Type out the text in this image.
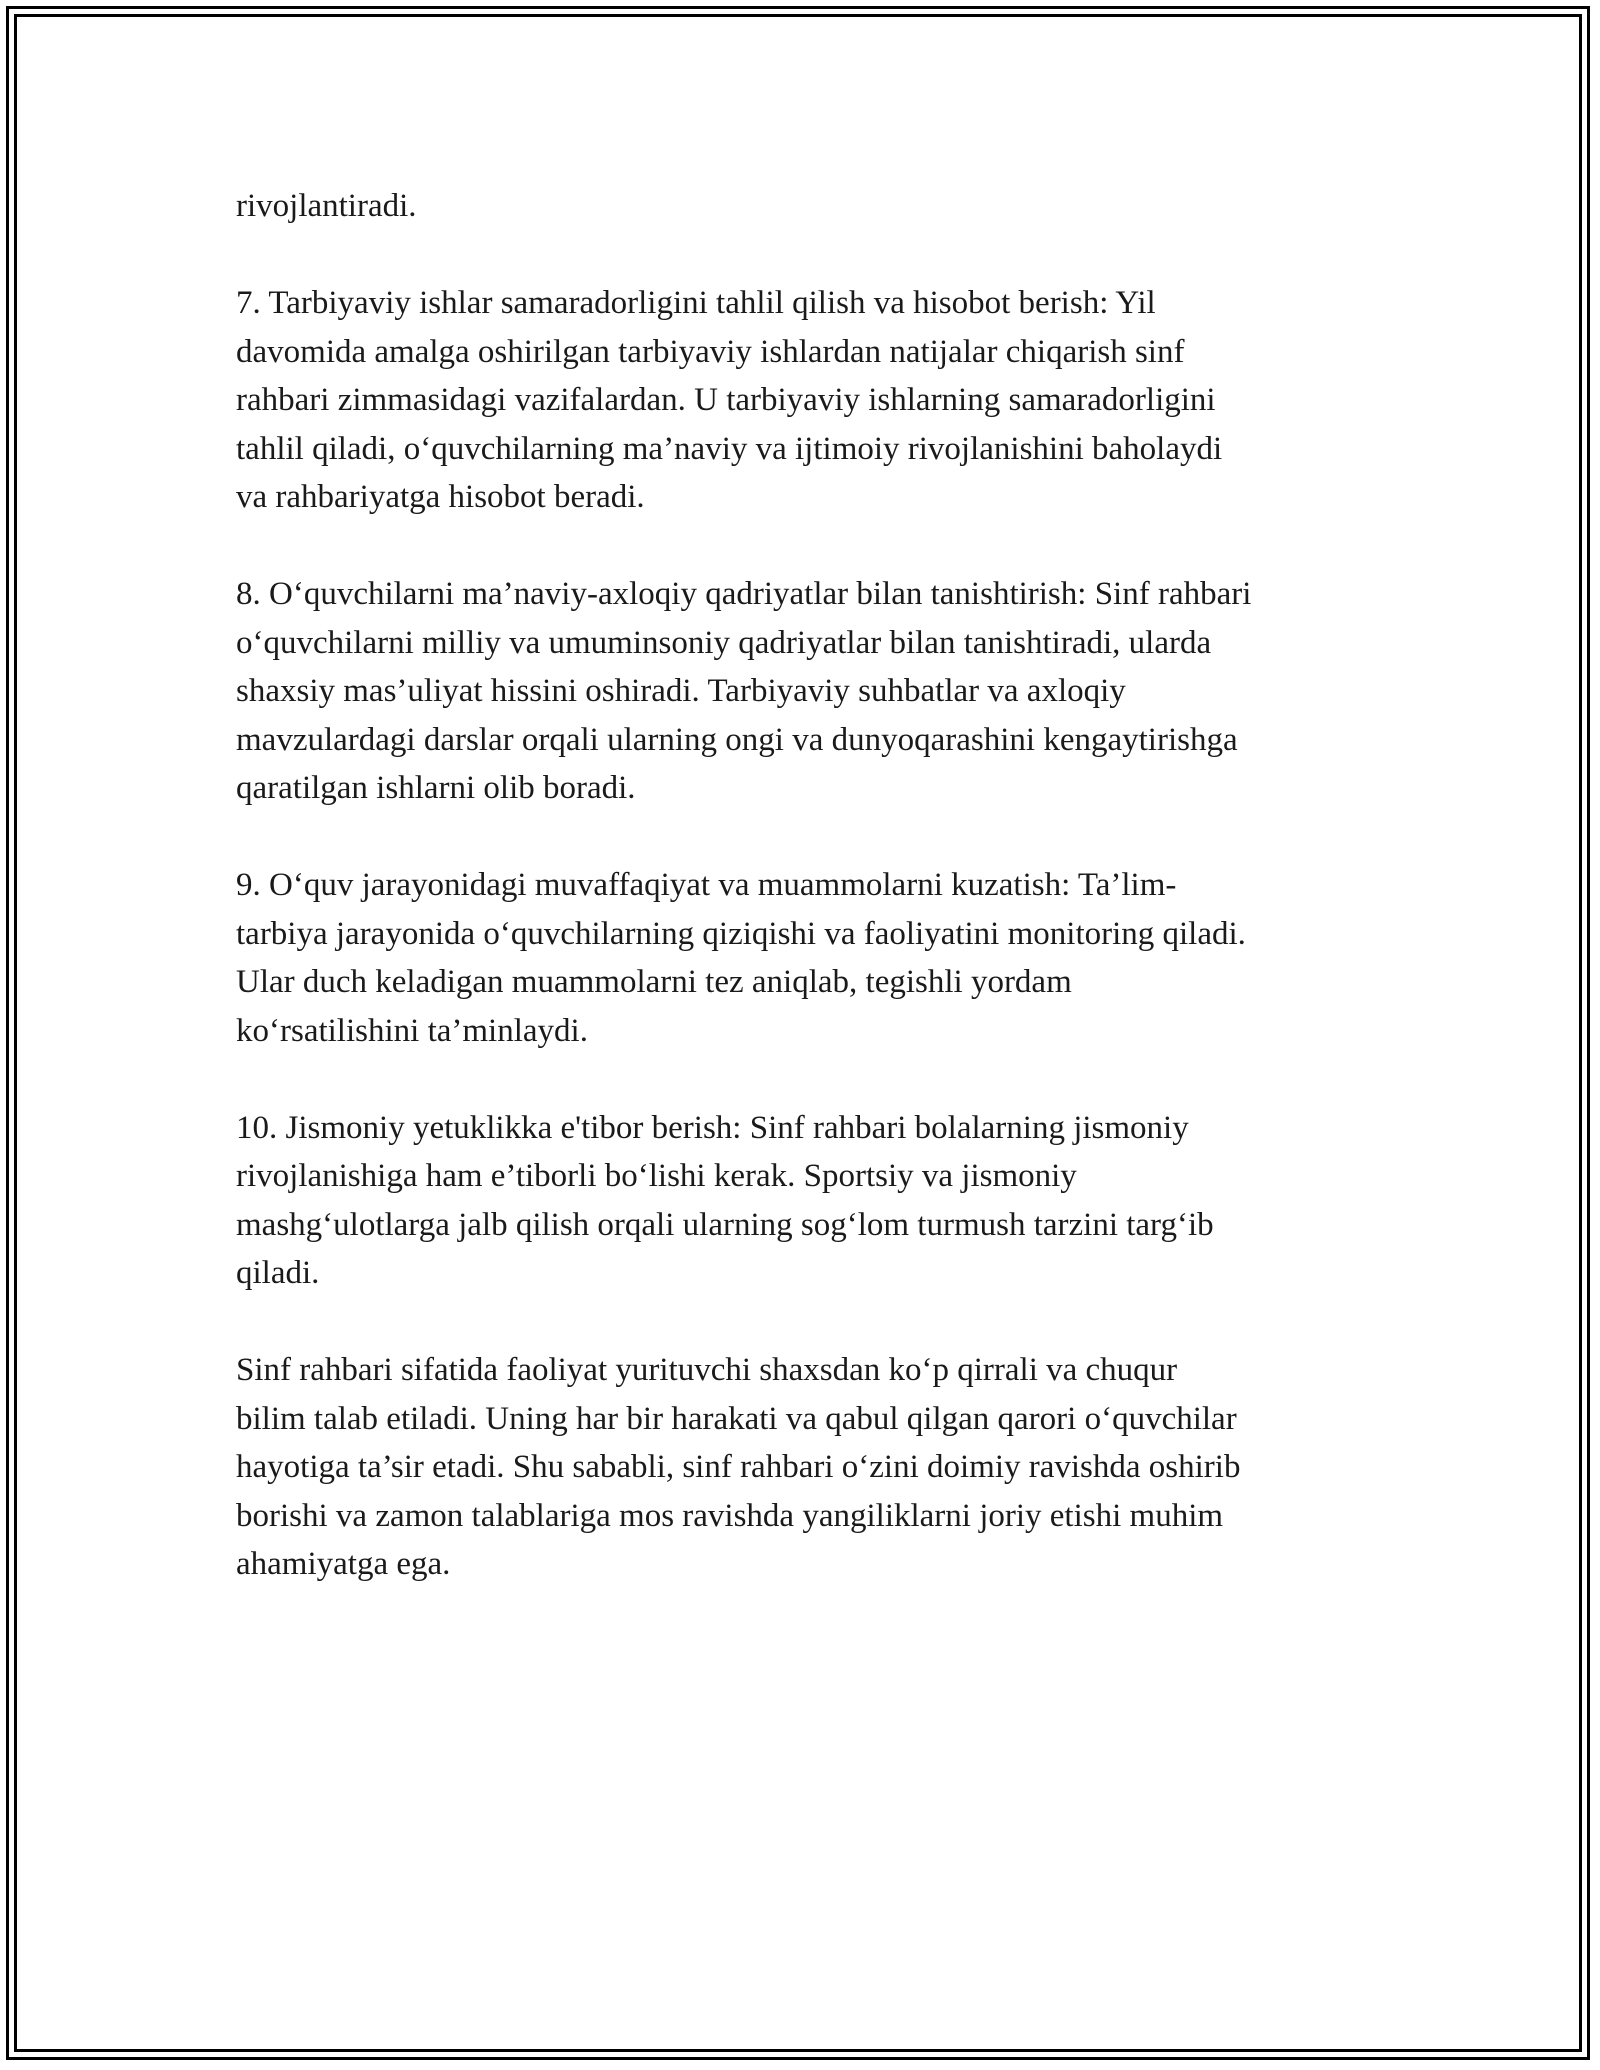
rivojlantiradi.

7. Tarbiyaviy ishlar samaradorligini tahlil qilish va hisobot berish: Yil
davomida amalga oshirilgan tarbiyaviy ishlardan natijalar chiqarish sinf
rahbari zimmasidagi vazifalardan. U tarbiyaviy ishlarning samaradorligini
tahlil qiladi, o‘quvchilarning ma’naviy va ijtimoiy rivojlanishini baholaydi
va rahbariyatga hisobot beradi.

8. O‘quvchilarni ma’naviy-axloqiy qadriyatlar bilan tanishtirish: Sinf rahbari
o‘quvchilarni milliy va umuminsoniy qadriyatlar bilan tanishtiradi, ularda
shaxsiy mas’uliyat hissini oshiradi. Tarbiyaviy suhbatlar va axloqiy
mavzulardagi darslar orqali ularning ongi va dunyoqarashini kengaytirishga
qaratilgan ishlarni olib boradi.

9. O‘quv jarayonidagi muvaffaqiyat va muammolarni kuzatish: Ta’lim-
tarbiya jarayonida o‘quvchilarning qiziqishi va faoliyatini monitoring qiladi.
Ular duch keladigan muammolarni tez aniqlab, tegishli yordam
ko‘rsatilishini ta’minlaydi.

10. Jismoniy yetuklikka e'tibor berish: Sinf rahbari bolalarning jismoniy
rivojlanishiga ham e’tiborli bo‘lishi kerak. Sportsiy va jismoniy
mashg‘ulotlarga jalb qilish orqali ularning sog‘lom turmush tarzini targ‘ib
qiladi.

Sinf rahbari sifatida faoliyat yurituvchi shaxsdan ko‘p qirrali va chuqur
bilim talab etiladi. Uning har bir harakati va qabul qilgan qarori o‘quvchilar
hayotiga ta’sir etadi. Shu sababli, sinf rahbari o‘zini doimiy ravishda oshirib
borishi va zamon talablariga mos ravishda yangiliklarni joriy etishi muhim
ahamiyatga ega.
